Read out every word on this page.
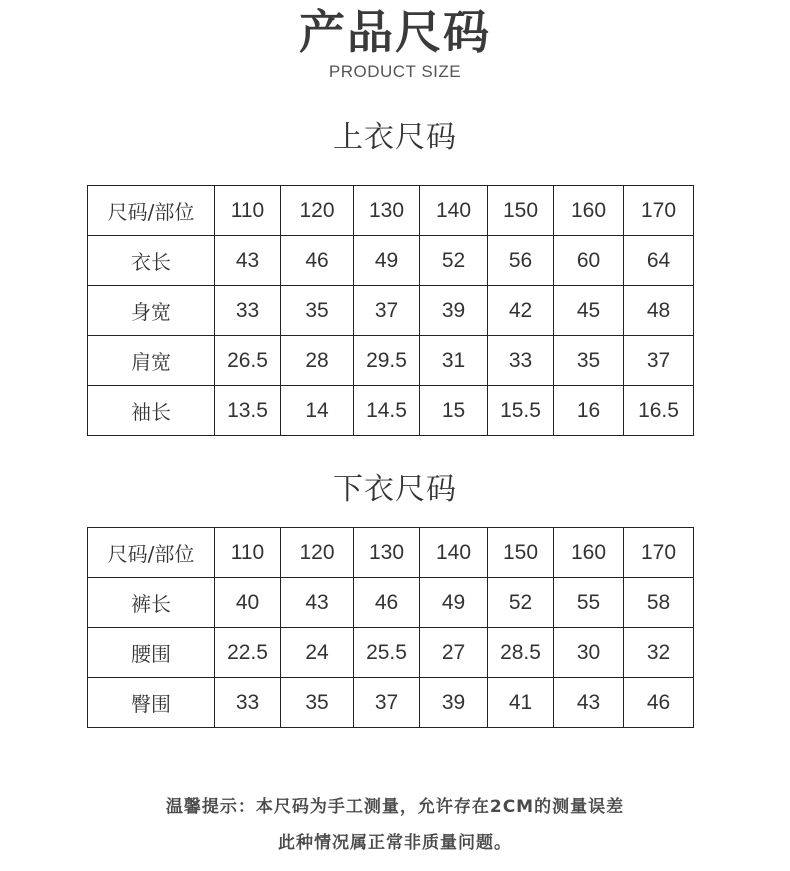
产品尺码
PRODUCT SIZE
上衣尺码
尺码/部位	110	120	130	140	150	160	170
衣长	43	46	49	52	56	60	64
身宽	33	35	37	39	42	45	48
肩宽	26.5	28	29.5	31	33	35	37
袖长	13.5	14	14.5	15	15.5	16	16.5
下衣尺码
尺码/部位	110	120	130	140	150	160	170
裤长	40	43	46	49	52	55	58
腰围	22.5	24	25.5	27	28.5	30	32
臀围	33	35	37	39	41	43	46
温馨提示：本尺码为手工测量，允许存在2CM的测量误差
此种情况属正常非质量问题。
